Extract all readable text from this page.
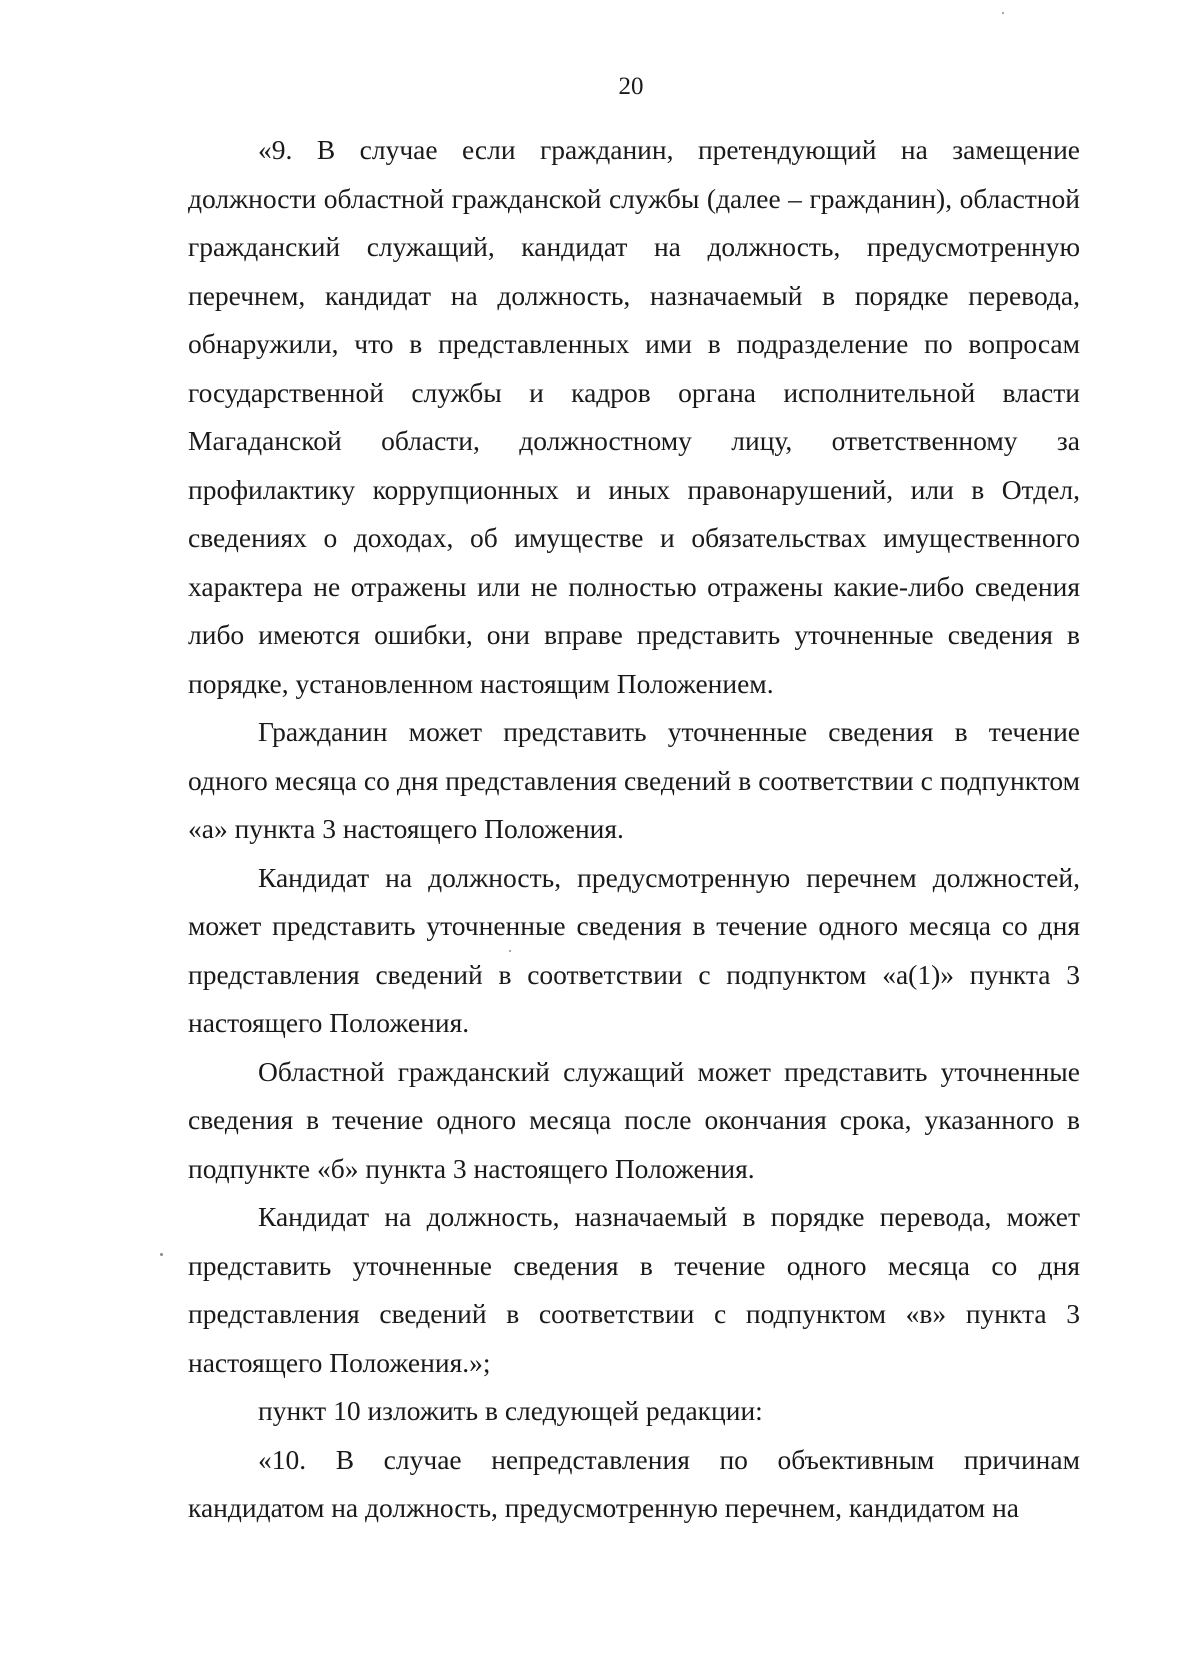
20

«9. В случае если гражданин, претендующий на замещение должности областной гражданской службы (далее – гражданин), областной гражданский служащий, кандидат на должность, предусмотренную перечнем, кандидат на должность, назначаемый в порядке перевода, обнаружили, что в представленных ими в подразделение по вопросам государственной службы и кадров органа исполнительной власти Магаданской области, должностному лицу, ответственному за профилактику коррупционных и иных правонарушений, или в Отдел, сведениях о доходах, об имуществе и обязательствах имущественного характера не отражены или не полностью отражены какие-либо сведения либо имеются ошибки, они вправе представить уточненные сведения в порядке, установленном настоящим Положением.

Гражданин может представить уточненные сведения в течение одного месяца со дня представления сведений в соответствии с подпунктом «а» пункта 3 настоящего Положения.

Кандидат на должность, предусмотренную перечнем должностей, может представить уточненные сведения в течение одного месяца со дня представления сведений в соответствии с подпунктом «а(1)» пункта 3 настоящего Положения.

Областной гражданский служащий может представить уточненные сведения в течение одного месяца после окончания срока, указанного в подпункте «б» пункта 3 настоящего Положения.

Кандидат на должность, назначаемый в порядке перевода, может представить уточненные сведения в течение одного месяца со дня представления сведений в соответствии с подпунктом «в» пункта 3 настоящего Положения.»;

пункт 10 изложить в следующей редакции:

«10. В случае непредставления по объективным причинам кандидатом на должность, предусмотренную перечнем, кандидатом на
